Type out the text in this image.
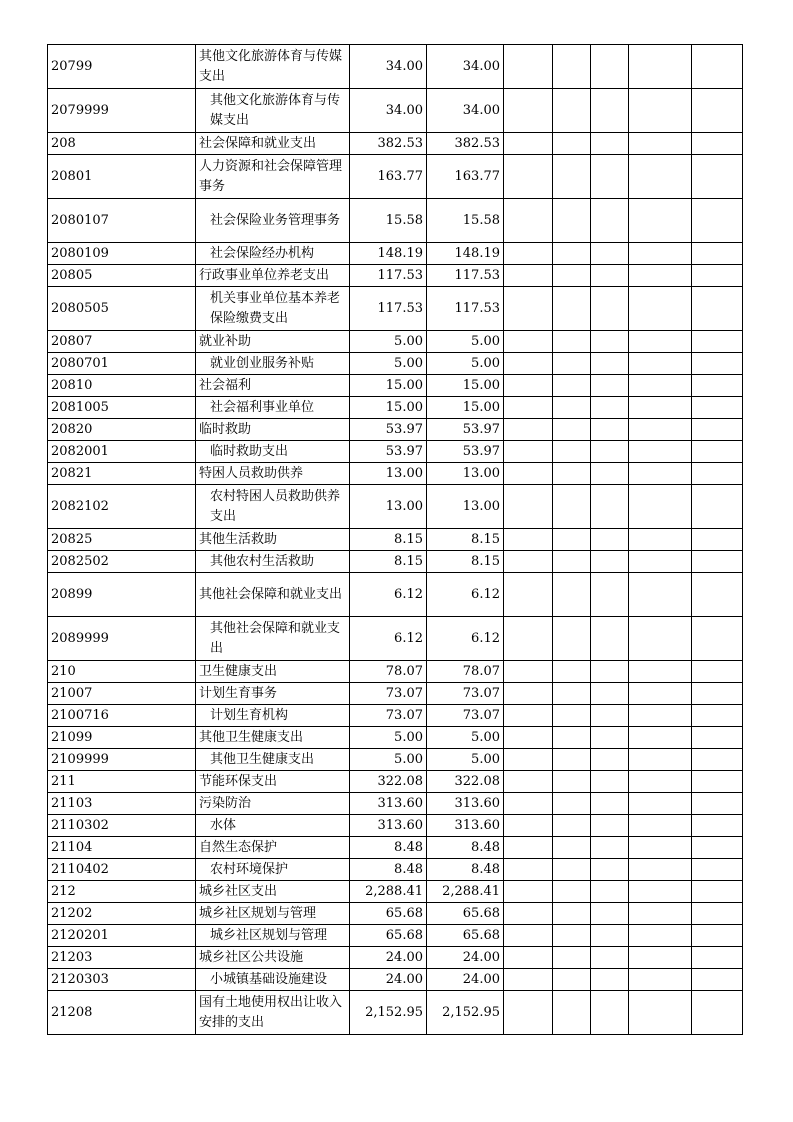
20799	其他文化旅游体育与传媒支出	34.00	34.00					
2079999	其他文化旅游体育与传媒支出	34.00	34.00					
208	社会保障和就业支出	382.53	382.53					
20801	人力资源和社会保障管理事务	163.77	163.77					
2080107	社会保险业务管理事务	15.58	15.58					
2080109	社会保险经办机构	148.19	148.19					
20805	行政事业单位养老支出	117.53	117.53					
2080505	机关事业单位基本养老保险缴费支出	117.53	117.53					
20807	就业补助	5.00	5.00					
2080701	就业创业服务补贴	5.00	5.00					
20810	社会福利	15.00	15.00					
2081005	社会福利事业单位	15.00	15.00					
20820	临时救助	53.97	53.97					
2082001	临时救助支出	53.97	53.97					
20821	特困人员救助供养	13.00	13.00					
2082102	农村特困人员救助供养支出	13.00	13.00					
20825	其他生活救助	8.15	8.15					
2082502	其他农村生活救助	8.15	8.15					
20899	其他社会保障和就业支出	6.12	6.12					
2089999	其他社会保障和就业支出	6.12	6.12					
210	卫生健康支出	78.07	78.07					
21007	计划生育事务	73.07	73.07					
2100716	计划生育机构	73.07	73.07					
21099	其他卫生健康支出	5.00	5.00					
2109999	其他卫生健康支出	5.00	5.00					
211	节能环保支出	322.08	322.08					
21103	污染防治	313.60	313.60					
2110302	水体	313.60	313.60					
21104	自然生态保护	8.48	8.48					
2110402	农村环境保护	8.48	8.48					
212	城乡社区支出	2,288.41	2,288.41					
21202	城乡社区规划与管理	65.68	65.68					
2120201	城乡社区规划与管理	65.68	65.68					
21203	城乡社区公共设施	24.00	24.00					
2120303	小城镇基础设施建设	24.00	24.00					
21208	国有土地使用权出让收入安排的支出	2,152.95	2,152.95					
